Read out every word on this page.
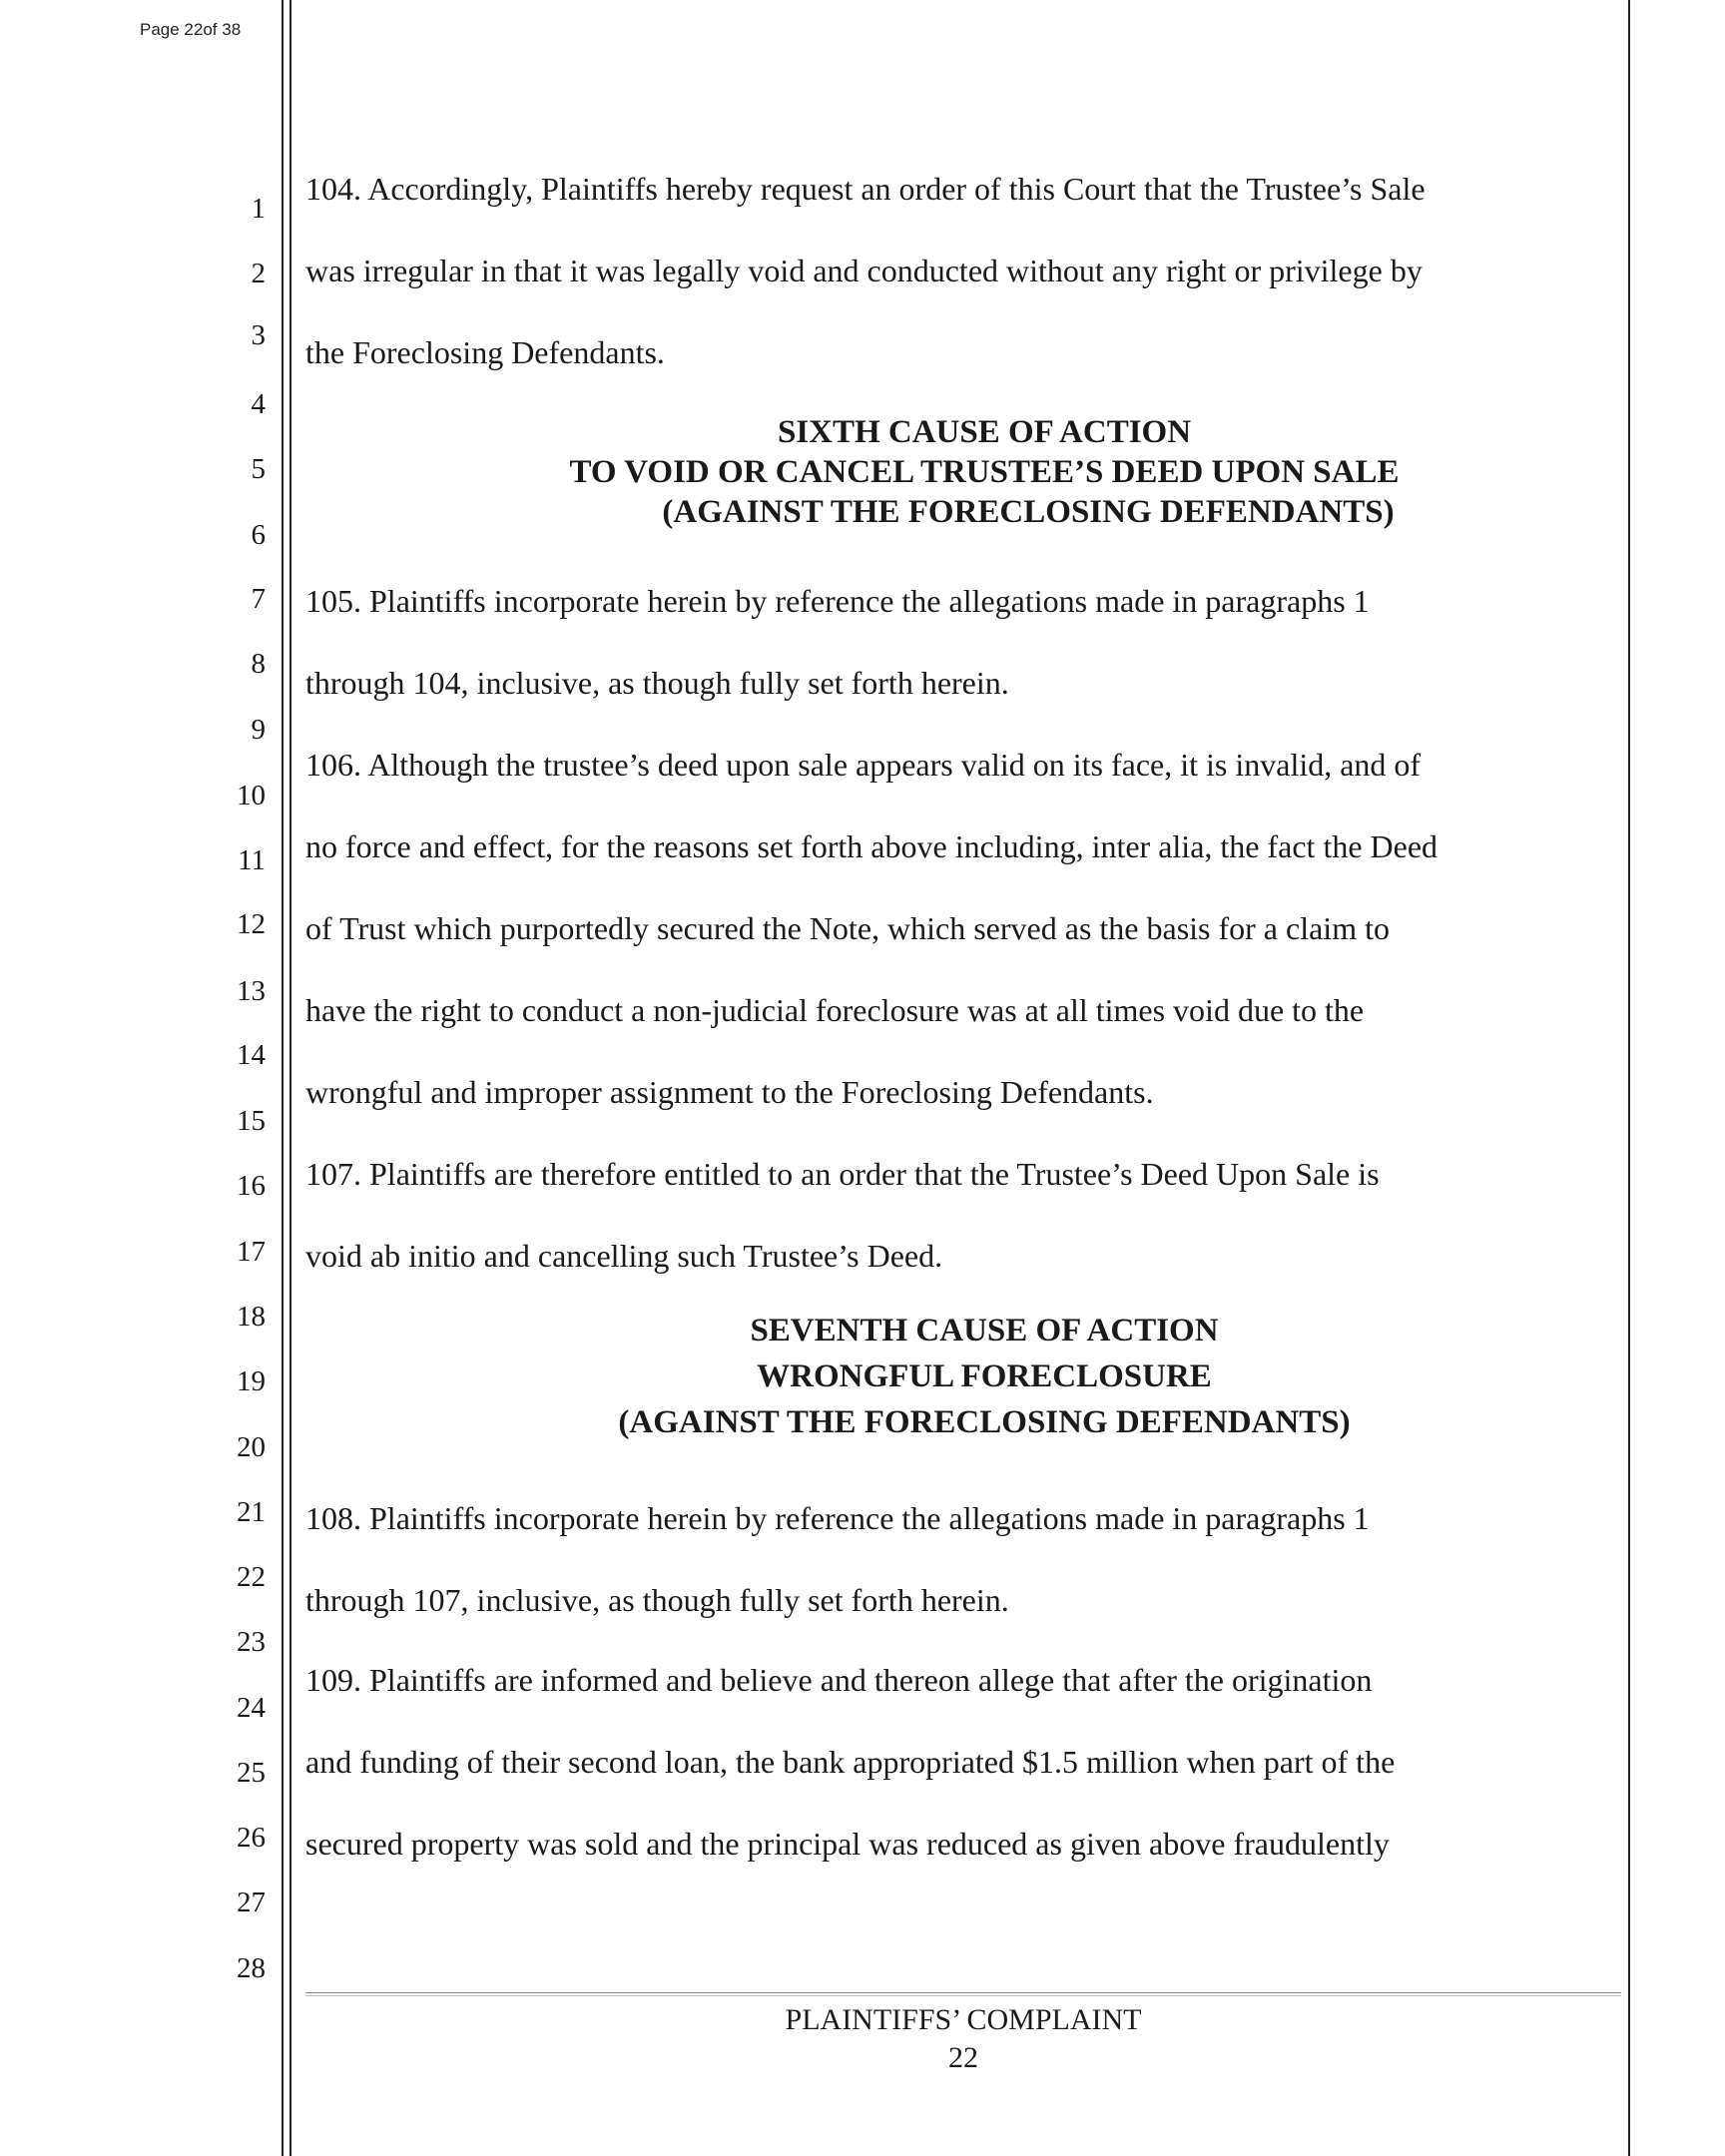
Page 22of 38
1
2
3
4
5
6
7
8
9
10
11
12
13
14
15
16
17
18
19
20
21
22
23
24
25
26
27
28
104. Accordingly, Plaintiffs hereby request an order of this Court that the Trustee’s Sale
was irregular in that it was legally void and conducted without any right or privilege by
the Foreclosing Defendants.
SIXTH CAUSE OF ACTION
TO VOID OR CANCEL TRUSTEE’S DEED UPON SALE
(AGAINST THE FORECLOSING DEFENDANTS)
105. Plaintiffs incorporate herein by reference the allegations made in paragraphs 1
through 104, inclusive, as though fully set forth herein.
106. Although the trustee’s deed upon sale appears valid on its face, it is invalid, and of
no force and effect, for the reasons set forth above including, inter alia, the fact the Deed
of Trust which purportedly secured the Note, which served as the basis for a claim to
have the right to conduct a non-judicial foreclosure was at all times void due to the
wrongful and improper assignment to the Foreclosing Defendants.
107. Plaintiffs are therefore entitled to an order that the Trustee’s Deed Upon Sale is
void ab initio and cancelling such Trustee’s Deed.
SEVENTH CAUSE OF ACTION
WRONGFUL FORECLOSURE
(AGAINST THE FORECLOSING DEFENDANTS)
108. Plaintiffs incorporate herein by reference the allegations made in paragraphs 1
through 107, inclusive, as though fully set forth herein.
109. Plaintiffs are informed and believe and thereon allege that after the origination
and funding of their second loan, the bank appropriated $1.5 million when part of the
secured property was sold and the principal was reduced as given above fraudulently
PLAINTIFFS’ COMPLAINT
22
